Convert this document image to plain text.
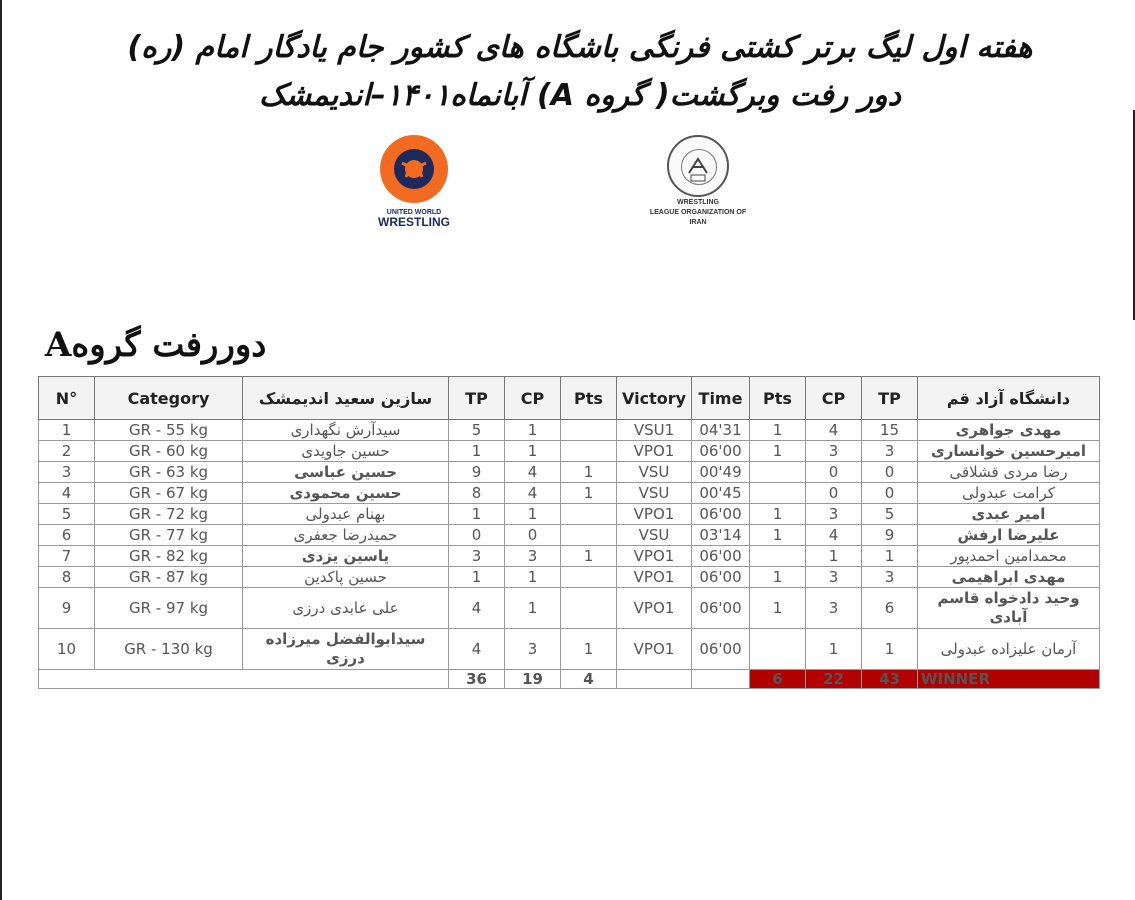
هفته اول لیگ برتر کشتی فرنگی باشگاه های کشور جام یادگار امام (ره)
دور رفت وبرگشت( گروه A) آبانماه۱۴۰۱–اندیمشک
UNITED WORLD
WRESTLING
WRESTLING
LEAGUE ORGANIZATION OF
IRAN
دوررفت گروهA
N°	Category	سازین سعید اندیمشک	TP	CP	Pts	Victory	Time	Pts	CP	TP	دانشگاه آزاد قم
1	GR - 55 kg	سیدآرش نگهداری	5	1		VSU1	04'31	1	4	15	مهدی جواهری
2	GR - 60 kg	حسین جاویدی	1	1		VPO1	06'00	1	3	3	امیرحسین خوانساری
3	GR - 63 kg	حسین عباسی	9	4	1	VSU	00'49		0	0	رضا مردی قشلاقی
4	GR - 67 kg	حسین محمودی	8	4	1	VSU	00'45		0	0	کرامت عبدولی
5	GR - 72 kg	بهنام عبدولی	1	1		VPO1	06'00	1	3	5	امیر عبدی
6	GR - 77 kg	حمیدرضا جعفری	0	0		VSU	03'14	1	4	9	علیرضا ارفش
7	GR - 82 kg	یاسین یزدی	3	3	1	VPO1	06'00		1	1	محمدامین احمدپور
8	GR - 87 kg	حسین پاکدین	1	1		VPO1	06'00	1	3	3	مهدی ابراهیمی
9	GR - 97 kg	علی عابدی درزی	4	1		VPO1	06'00	1	3	6	وحید دادخواه قاسم آبادی
10	GR - 130 kg	سیدابوالفضل میرزاده درزی	4	3	1	VPO1	06'00		1	1	آرمان علیزاده عبدولی
			36	19	4			6	22	43	WINNER
